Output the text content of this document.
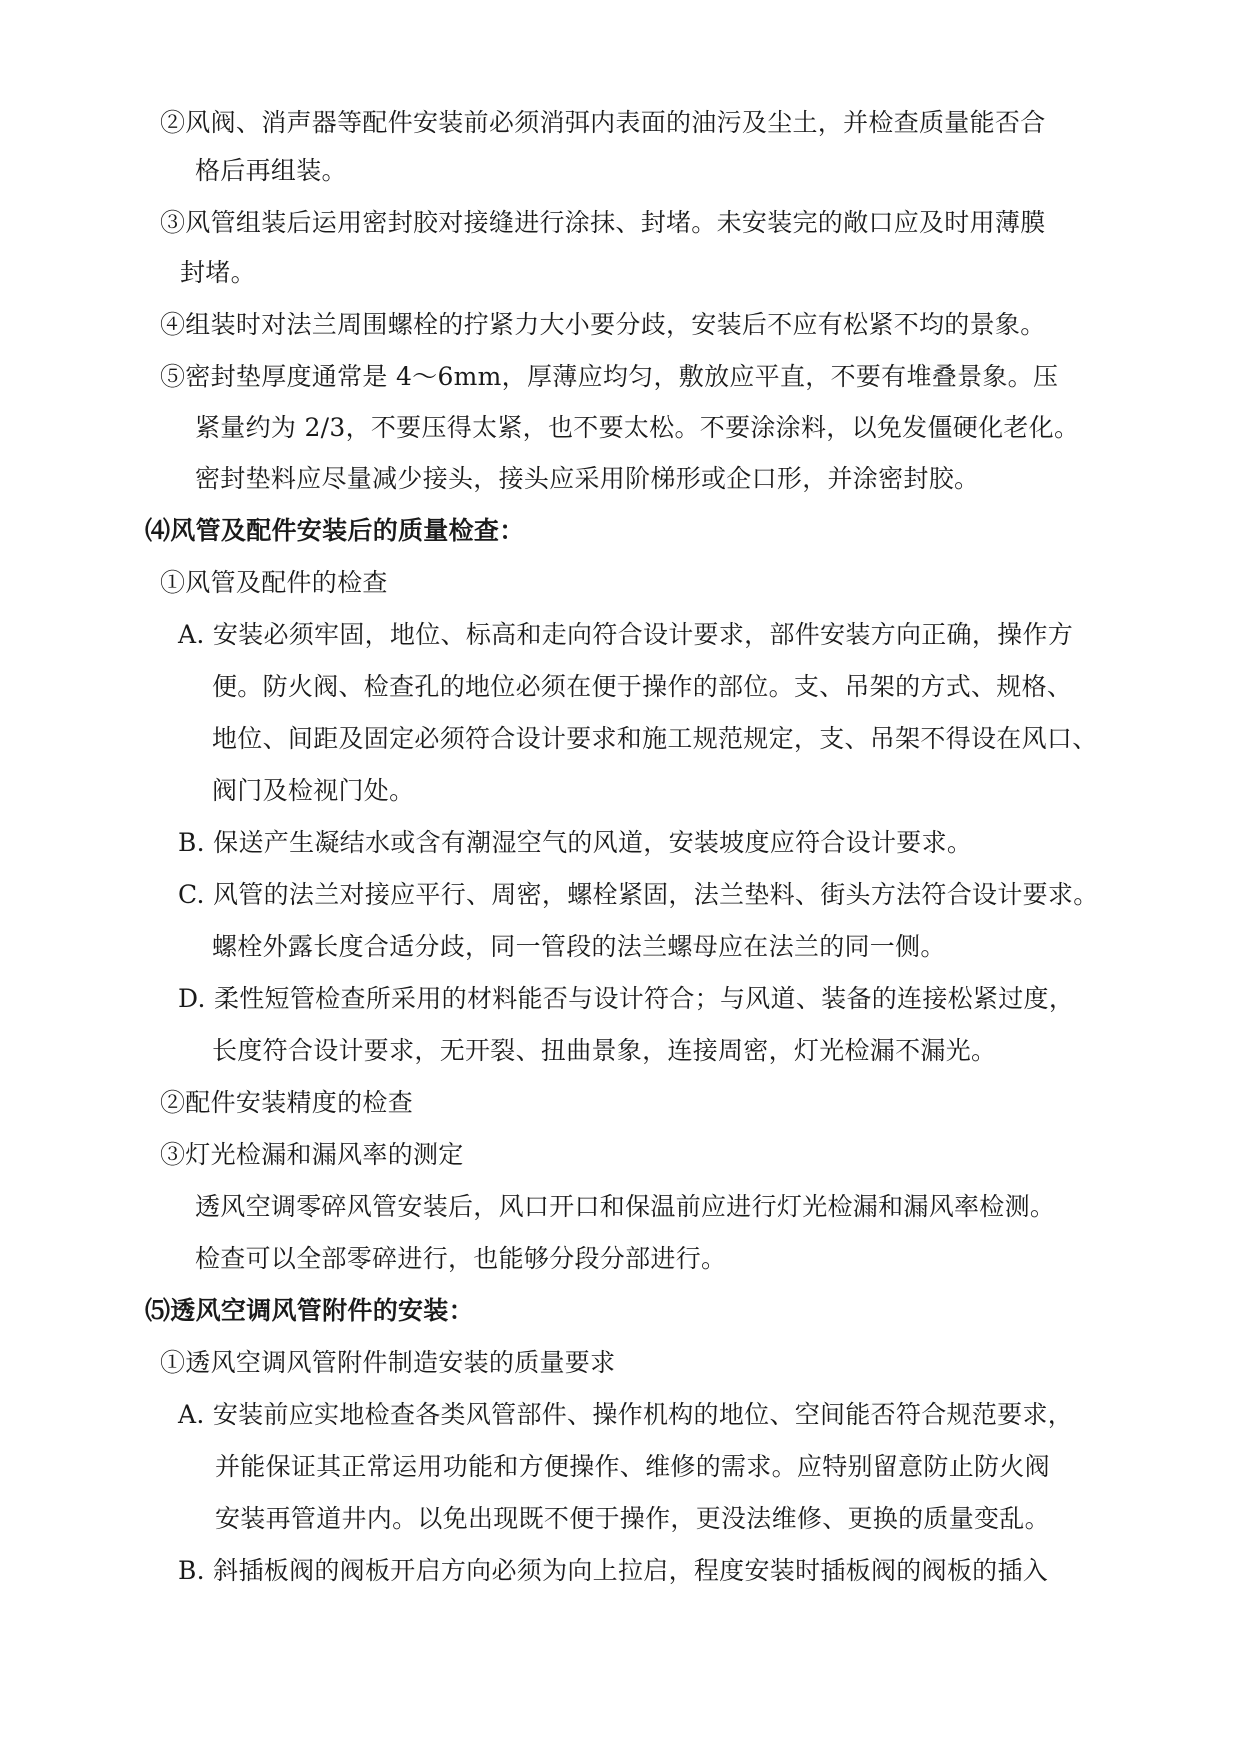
②风阀、消声器等配件安装前必须消弭内表面的油污及尘土，并检查质量能否合
格后再组装。
③风管组装后运用密封胶对接缝进行涂抹、封堵。未安装完的敞口应及时用薄膜
封堵。
④组装时对法兰周围螺栓的拧紧力大小要分歧，安装后不应有松紧不均的景象。
⑤密封垫厚度通常是 4～6mm，厚薄应均匀，敷放应平直，不要有堆叠景象。压
紧量约为 2/3，不要压得太紧，也不要太松。不要涂涂料，以免发僵硬化老化。
密封垫料应尽量减少接头，接头应采用阶梯形或企口形，并涂密封胶。
⑷风管及配件安装后的质量检查：
①风管及配件的检查
A. 安装必须牢固，地位、标高和走向符合设计要求，部件安装方向正确，操作方
便。防火阀、检查孔的地位必须在便于操作的部位。支、吊架的方式、规格、
地位、间距及固定必须符合设计要求和施工规范规定，支、吊架不得设在风口、
阀门及检视门处。
B. 保送产生凝结水或含有潮湿空气的风道，安装坡度应符合设计要求。
C. 风管的法兰对接应平行、周密，螺栓紧固，法兰垫料、街头方法符合设计要求。
螺栓外露长度合适分歧，同一管段的法兰螺母应在法兰的同一侧。
D. 柔性短管检查所采用的材料能否与设计符合；与风道、装备的连接松紧过度，
长度符合设计要求，无开裂、扭曲景象，连接周密，灯光检漏不漏光。
②配件安装精度的检查
③灯光检漏和漏风率的测定
透风空调零碎风管安装后，风口开口和保温前应进行灯光检漏和漏风率检测。
检查可以全部零碎进行，也能够分段分部进行。
⑸透风空调风管附件的安装：
①透风空调风管附件制造安装的质量要求
A. 安装前应实地检查各类风管部件、操作机构的地位、空间能否符合规范要求，
并能保证其正常运用功能和方便操作、维修的需求。应特别留意防止防火阀
安装再管道井内。以免出现既不便于操作，更没法维修、更换的质量变乱。
B. 斜插板阀的阀板开启方向必须为向上拉启，程度安装时插板阀的阀板的插入
